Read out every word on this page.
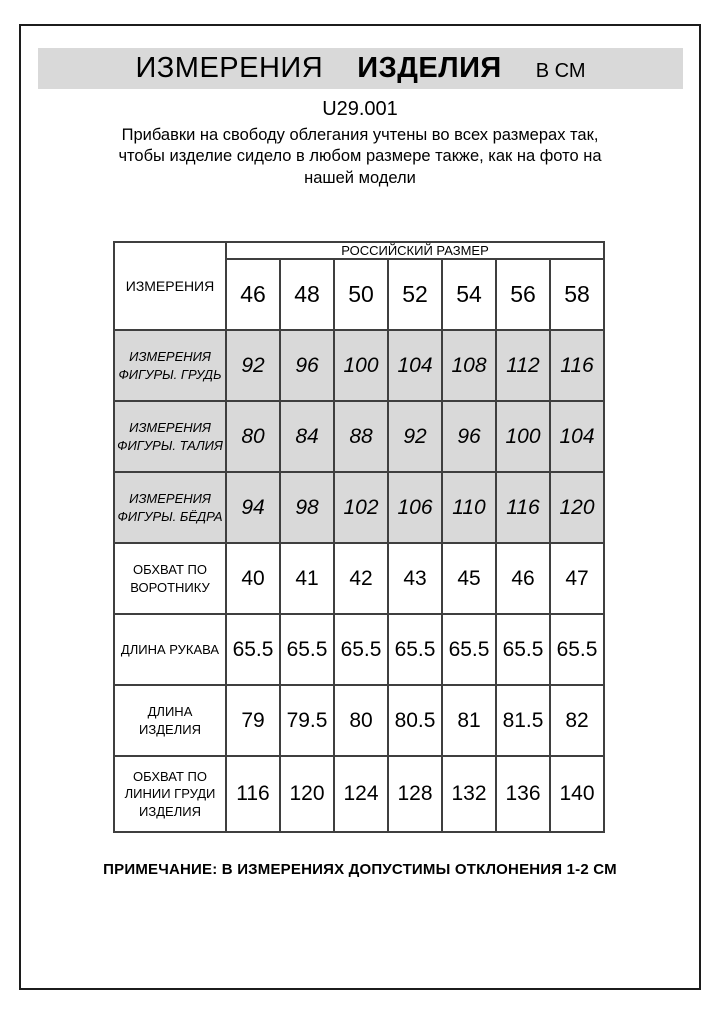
ИЗМЕРЕНИЯ ИЗДЕЛИЯ В СМ
U29.001
Прибавки на свободу облегания учтены во всех размерах так, чтобы изделие сидело в любом размере также, как на фото на нашей модели
ИЗМЕРЕНИЯ	РОССИЙСКИЙ РАЗМЕР						
	46	48	50	52	54	56	58
ИЗМЕРЕНИЯ ФИГУРЫ. ГРУДЬ	92	96	100	104	108	112	116
ИЗМЕРЕНИЯ ФИГУРЫ. ТАЛИЯ	80	84	88	92	96	100	104
ИЗМЕРЕНИЯ ФИГУРЫ. БЁДРА	94	98	102	106	110	116	120
ОБХВАТ ПО ВОРОТНИКУ	40	41	42	43	45	46	47
ДЛИНА РУКАВА	65.5	65.5	65.5	65.5	65.5	65.5	65.5
ДЛИНА ИЗДЕЛИЯ	79	79.5	80	80.5	81	81.5	82
ОБХВАТ ПО ЛИНИИ ГРУДИ ИЗДЕЛИЯ	116	120	124	128	132	136	140
ПРИМЕЧАНИЕ: В ИЗМЕРЕНИЯХ ДОПУСТИМЫ ОТКЛОНЕНИЯ 1-2 СМ
